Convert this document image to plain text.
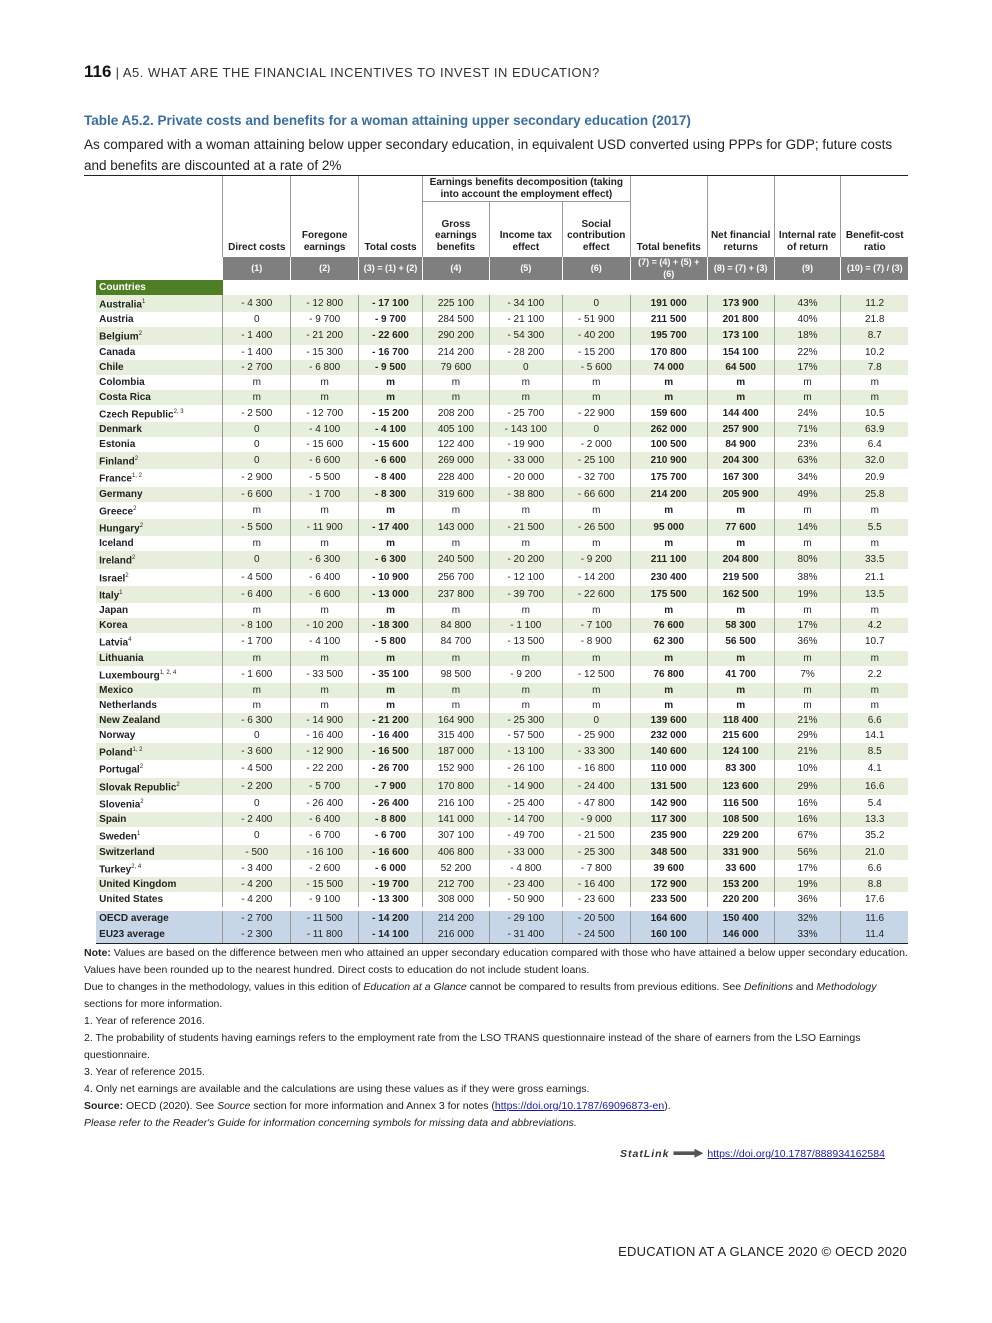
116 | A5. WHAT ARE THE FINANCIAL INCENTIVES TO INVEST IN EDUCATION?
Table A5.2. Private costs and benefits for a woman attaining upper secondary education (2017)
As compared with a woman attaining below upper secondary education, in equivalent USD converted using PPPs for GDP; future costs and benefits are discounted at a rate of 2%
		Direct costs	Foregone earnings	Total costs	Earnings benefits decomposition (taking into account the employment effect)			Total benefits	Net financial returns	Internal rate of return	Benefit-cost ratio
					Gross earnings benefits	Income tax effect	Social contribution effect				
		(1)	(2)	(3) = (1) + (2)	(4)	(5)	(6)	(7) = (4) + (5) + (6)	(8) = (7) + (3)	(9)	(10) = (7) / (3)
	Countries										
	Australia$^1$	- 4 300	- 12 800	- 17 100	225 100	- 34 100	0	191 000	173 900	43%	11.2
	Austria	0	- 9 700	- 9 700	284 500	- 21 100	- 51 900	211 500	201 800	40%	21.8
	Belgium$^2$	- 1 400	- 21 200	- 22 600	290 200	- 54 300	- 40 200	195 700	173 100	18%	8.7
	Canada	- 1 400	- 15 300	- 16 700	214 200	- 28 200	- 15 200	170 800	154 100	22%	10.2
	Chile	- 2 700	- 6 800	- 9 500	79 600	0	- 5 600	74 000	64 500	17%	7.8
	Colombia	m	m	m	m	m	m	m	m	m	m
	Costa Rica	m	m	m	m	m	m	m	m	m	m
	Czech Republic$^{2, 3}$	- 2 500	- 12 700	- 15 200	208 200	- 25 700	- 22 900	159 600	144 400	24%	10.5
	Denmark	0	- 4 100	- 4 100	405 100	- 143 100	0	262 000	257 900	71%	63.9
	Estonia	0	- 15 600	- 15 600	122 400	- 19 900	- 2 000	100 500	84 900	23%	6.4
	Finland$^2$	0	- 6 600	- 6 600	269 000	- 33 000	- 25 100	210 900	204 300	63%	32.0
	France$^{1, 2}$	- 2 900	- 5 500	- 8 400	228 400	- 20 000	- 32 700	175 700	167 300	34%	20.9
	Germany	- 6 600	- 1 700	- 8 300	319 600	- 38 800	- 66 600	214 200	205 900	49%	25.8
	Greece$^2$	m	m	m	m	m	m	m	m	m	m
	Hungary$^2$	- 5 500	- 11 900	- 17 400	143 000	- 21 500	- 26 500	95 000	77 600	14%	5.5
	Iceland	m	m	m	m	m	m	m	m	m	m
	Ireland$^2$	0	- 6 300	- 6 300	240 500	- 20 200	- 9 200	211 100	204 800	80%	33.5
	Israel$^2$	- 4 500	- 6 400	- 10 900	256 700	- 12 100	- 14 200	230 400	219 500	38%	21.1
	Italy$^1$	- 6 400	- 6 600	- 13 000	237 800	- 39 700	- 22 600	175 500	162 500	19%	13.5
	Japan	m	m	m	m	m	m	m	m	m	m
	Korea	- 8 100	- 10 200	- 18 300	84 800	- 1 100	- 7 100	76 600	58 300	17%	4.2
	Latvia$^4$	- 1 700	- 4 100	- 5 800	84 700	- 13 500	- 8 900	62 300	56 500	36%	10.7
	Lithuania	m	m	m	m	m	m	m	m	m	m
	Luxembourg$^{1, 2, 4}$	- 1 600	- 33 500	- 35 100	98 500	- 9 200	- 12 500	76 800	41 700	7%	2.2
	Mexico	m	m	m	m	m	m	m	m	m	m
	Netherlands	m	m	m	m	m	m	m	m	m	m
	New Zealand	- 6 300	- 14 900	- 21 200	164 900	- 25 300	0	139 600	118 400	21%	6.6
	Norway	0	- 16 400	- 16 400	315 400	- 57 500	- 25 900	232 000	215 600	29%	14.1
	Poland$^{1, 2}$	- 3 600	- 12 900	- 16 500	187 000	- 13 100	- 33 300	140 600	124 100	21%	8.5
	Portugal$^2$	- 4 500	- 22 200	- 26 700	152 900	- 26 100	- 16 800	110 000	83 300	10%	4.1
	Slovak Republic$^2$	- 2 200	- 5 700	- 7 900	170 800	- 14 900	- 24 400	131 500	123 600	29%	16.6
	Slovenia$^2$	0	- 26 400	- 26 400	216 100	- 25 400	- 47 800	142 900	116 500	16%	5.4
	Spain	- 2 400	- 6 400	- 8 800	141 000	- 14 700	- 9 000	117 300	108 500	16%	13.3
	Sweden$^1$	0	- 6 700	- 6 700	307 100	- 49 700	- 21 500	235 900	229 200	67%	35.2
	Switzerland	- 500	- 16 100	- 16 600	406 800	- 33 000	- 25 300	348 500	331 900	56%	21.0
	Turkey$^{2, 4}$	- 3 400	- 2 600	- 6 000	52 200	- 4 800	- 7 800	39 600	33 600	17%	6.6
	United Kingdom	- 4 200	- 15 500	- 19 700	212 700	- 23 400	- 16 400	172 900	153 200	19%	8.8
	United States	- 4 200	- 9 100	- 13 300	308 000	- 50 900	- 23 600	233 500	220 200	36%	17.6

	OECD average	- 2 700	- 11 500	- 14 200	214 200	- 29 100	- 20 500	164 600	150 400	32%	11.6
	EU23 average	- 2 300	- 11 800	- 14 100	216 000	- 31 400	- 24 500	160 100	146 000	33%	11.4

Note: Values are based on the difference between men who attained an upper secondary education compared with those who have attained a below upper secondary education. Values have been rounded up to the nearest hundred. Direct costs to education do not include student loans.

Due to changes in the methodology, values in this edition of Education at a Glance cannot be compared to results from previous editions. See Definitions and Methodology sections for more information.

1. Year of reference 2016.

2. The probability of students having earnings refers to the employment rate from the LSO TRANS questionnaire instead of the share of earners from the LSO Earnings questionnaire.

3. Year of reference 2015.

4. Only net earnings are available and the calculations are using these values as if they were gross earnings.

Source: OECD (2020). See Source section for more information and Annex 3 for notes (https://doi.org/10.1787/69096873-en).

Please refer to the Reader's Guide for information concerning symbols for missing data and abbreviations.

StatLink	https://doi.org/10.1787/888934162584
EDUCATION AT A GLANCE 2020 © OECD 2020
